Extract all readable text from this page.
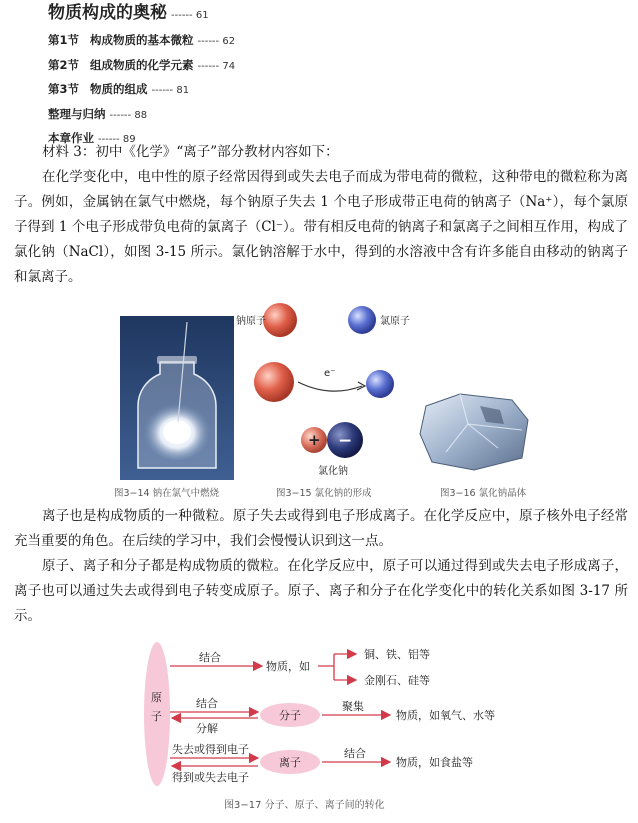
物质构成的奥秘 ------ 61
第1节 构成物质的基本微粒 ------ 62
第2节 组成物质的化学元素 ------ 74
第3节 物质的组成 ------ 81
整理与归纳 ------ 88
本章作业 ------ 89

材料 3：初中《化学》“离子”部分教材内容如下：

在化学变化中，电中性的原子经常因得到或失去电子而成为带电荷的微粒，这种带电的微粒称为离子。例如，金属钠在氯气中燃烧，每个钠原子失去 1 个电子形成带正电荷的钠离子（Na⁺），每个氯原子得到 1 个电子形成带负电荷的氯离子（Cl⁻）。带有相反电荷的钠离子和氯离子之间相互作用，构成了氯化钠（NaCl），如图 3-15 所示。氯化钠溶解于水中，得到的水溶液中含有许多能自由移动的钠离子和氯离子。

钠原子	氯原子
e⁻
+ −
氯化钠
图3−14 钠在氯气中燃烧	图3−15 氯化钠的形成	图3−16 氯化钠晶体

离子也是构成物质的一种微粒。原子失去或得到电子形成离子。在化学反应中，原子核外电子经常充当重要的角色。在后续的学习中，我们会慢慢认识到这一点。

原子、离子和分子都是构成物质的微粒。在化学反应中，原子可以通过得到或失去电子形成离子，离子也可以通过失去或得到电子转变成原子。原子、离子和分子在化学变化中的转化关系如图 3-17 所示。

原
子
结合
物质，如
铜、铁、铝等
金刚石、硅等
结合
分解
分子
聚集
物质，如氧气、水等
失去或得到电子
得到或失去电子
离子
结合
物质，如食盐等
图3−17 分子、原子、离子间的转化
